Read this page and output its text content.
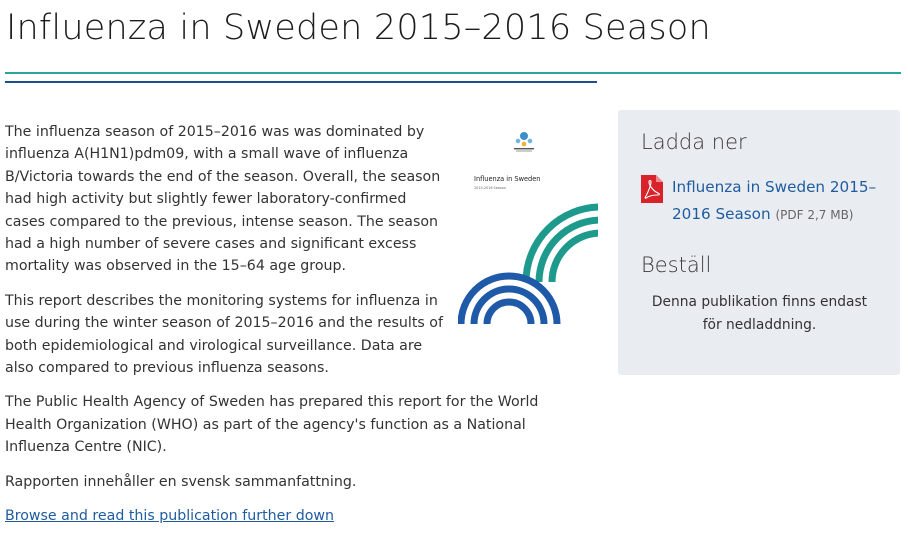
Influenza in Sweden 2015–2016 Season

The influenza season of 2015–2016 was was dominated by influenza A(H1N1)pdm09, with a small wave of influenza B/Victoria towards the end of the season. Overall, the season had high activity but slightly fewer laboratory-confirmed cases compared to the previous, intense season. The season had a high number of severe cases and significant excess mortality was observed in the 15–64 age group.

This report describes the monitoring systems for influenza in use during the winter season of 2015–2016 and the results of both epidemiological and virological surveillance. Data are also compared to previous influenza seasons.

The Public Health Agency of Sweden has prepared this report for the World Health Organization (WHO) as part of the agency's function as a National Influenza Centre (NIC).

Rapporten innehåller en svensk sammanfattning.

Browse and read this publication further down

Influenza in Sweden
2015-2016 Season
Ladda ner
Influenza in Sweden 2015–2016 Season (PDF 2,7 MB)
Beställ
Denna publikation finns endast för nedladdning.
